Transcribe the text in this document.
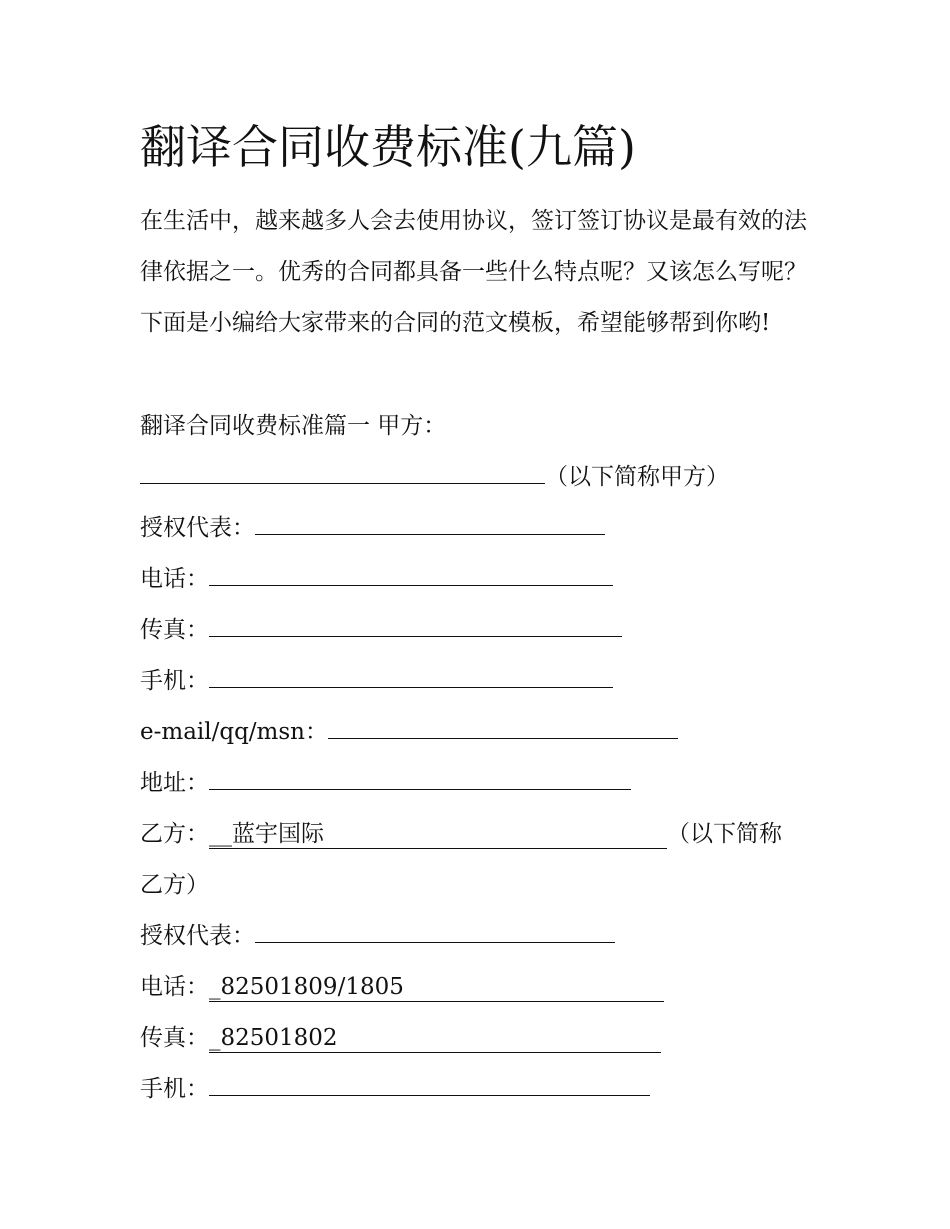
翻译合同收费标准(九篇)

在生活中，越来越多人会去使用协议，签订签订协议是最有效的法律依据之一。优秀的合同都具备一些什么特点呢？又该怎么写呢？下面是小编给大家带来的合同的范文模板，希望能够帮到你哟!

翻译合同收费标准篇一 甲方：
（以下简称甲方）
授权代表：
电话：
传真：
手机：
e-mail/qq/msn：
地址：
乙方：__蓝宇国际	（以下简称
乙方）
授权代表：
电话：_82501809/1805
传真：_82501802
手机：
